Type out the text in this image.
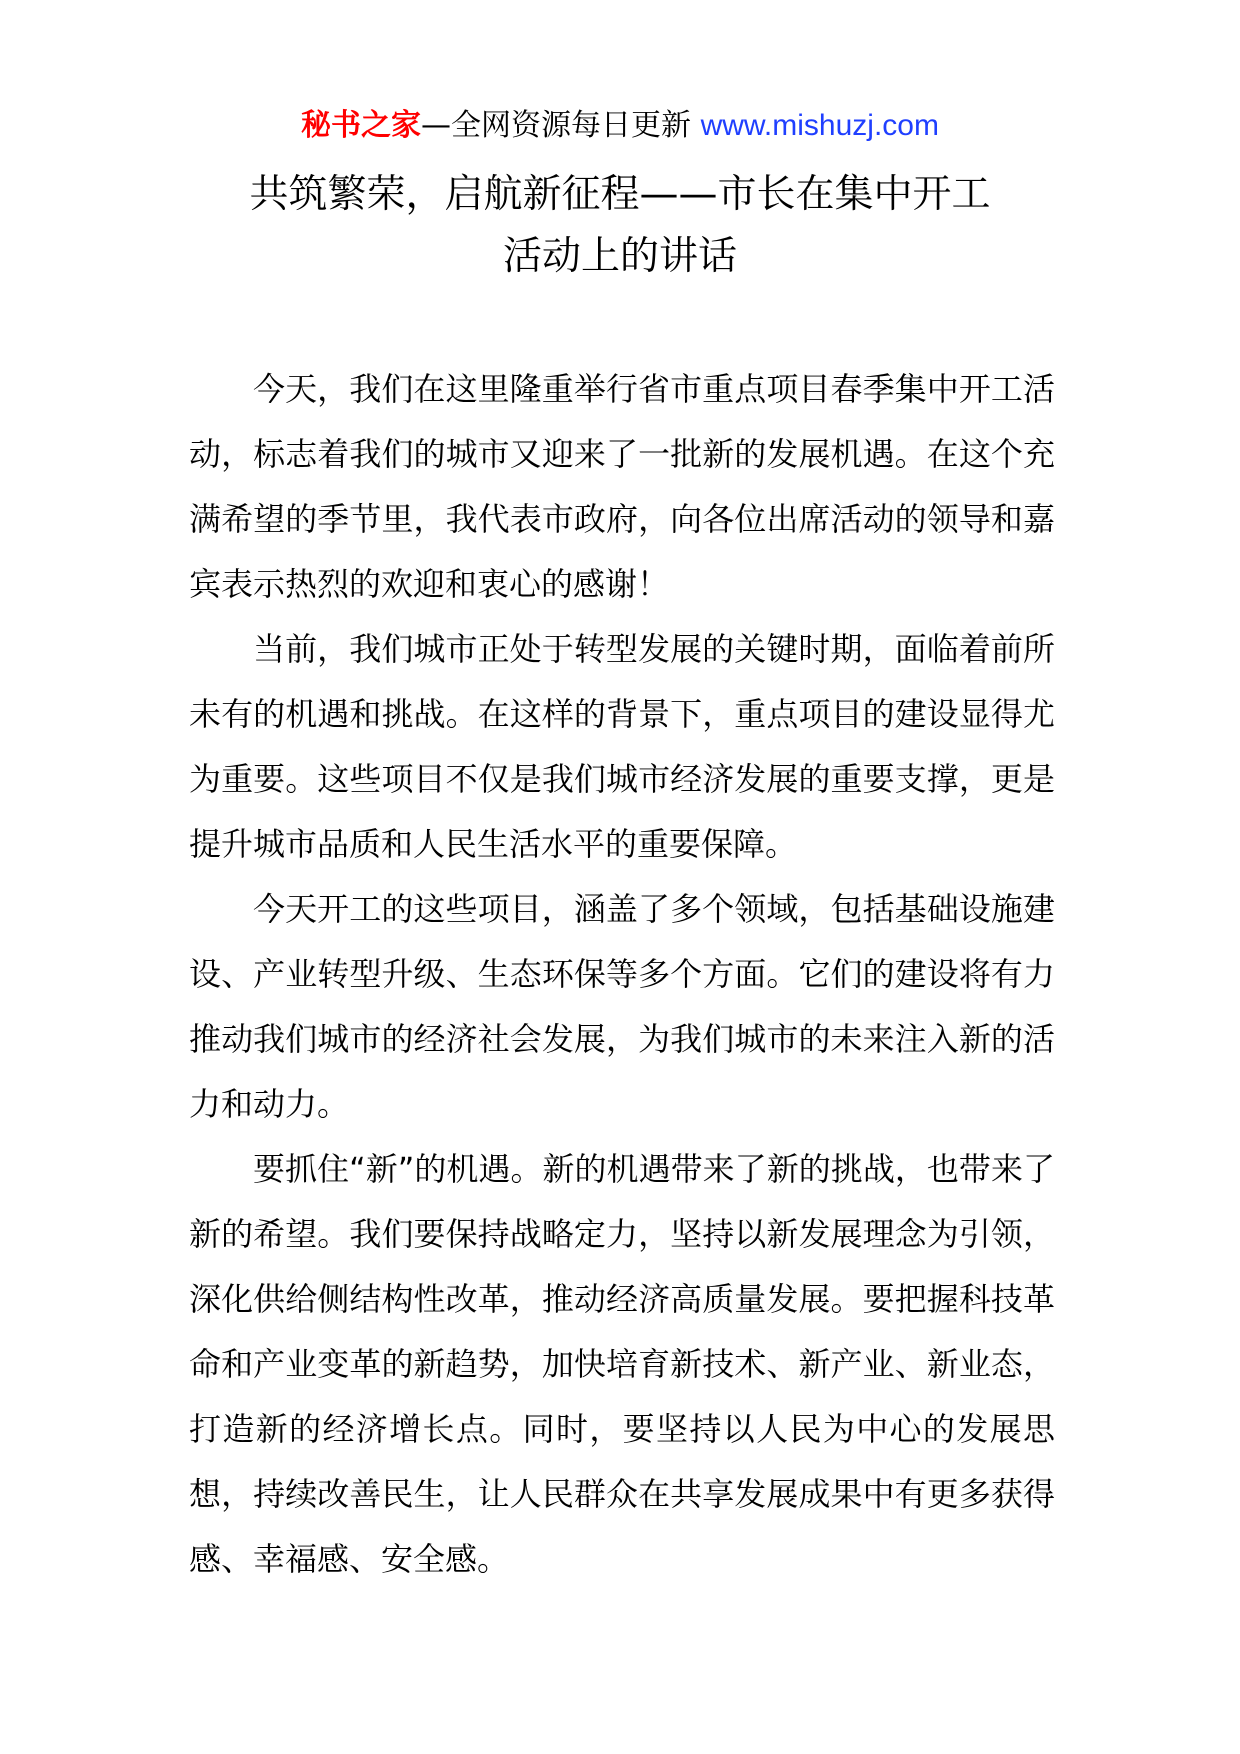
秘书之家—全网资源每日更新 www.mishuzj.com
共筑繁荣，启航新征程——市长在集中开工
活动上的讲话

今天，我们在这里隆重举行省市重点项目春季集中开工活动，标志着我们的城市又迎来了一批新的发展机遇。在这个充满希望的季节里，我代表市政府，向各位出席活动的领导和嘉宾表示热烈的欢迎和衷心的感谢！

当前，我们城市正处于转型发展的关键时期，面临着前所未有的机遇和挑战。在这样的背景下，重点项目的建设显得尤为重要。这些项目不仅是我们城市经济发展的重要支撑，更是提升城市品质和人民生活水平的重要保障。

今天开工的这些项目，涵盖了多个领域，包括基础设施建设、产业转型升级、生态环保等多个方面。它们的建设将有力推动我们城市的经济社会发展，为我们城市的未来注入新的活力和动力。

要抓住“新”的机遇。新的机遇带来了新的挑战，也带来了新的希望。我们要保持战略定力，坚持以新发展理念为引领，深化供给侧结构性改革，推动经济高质量发展。要把握科技革命和产业变革的新趋势，加快培育新技术、新产业、新业态，打造新的经济增长点。同时，要坚持以人民为中心的发展思想，持续改善民生，让人民群众在共享发展成果中有更多获得感、幸福感、安全感。
